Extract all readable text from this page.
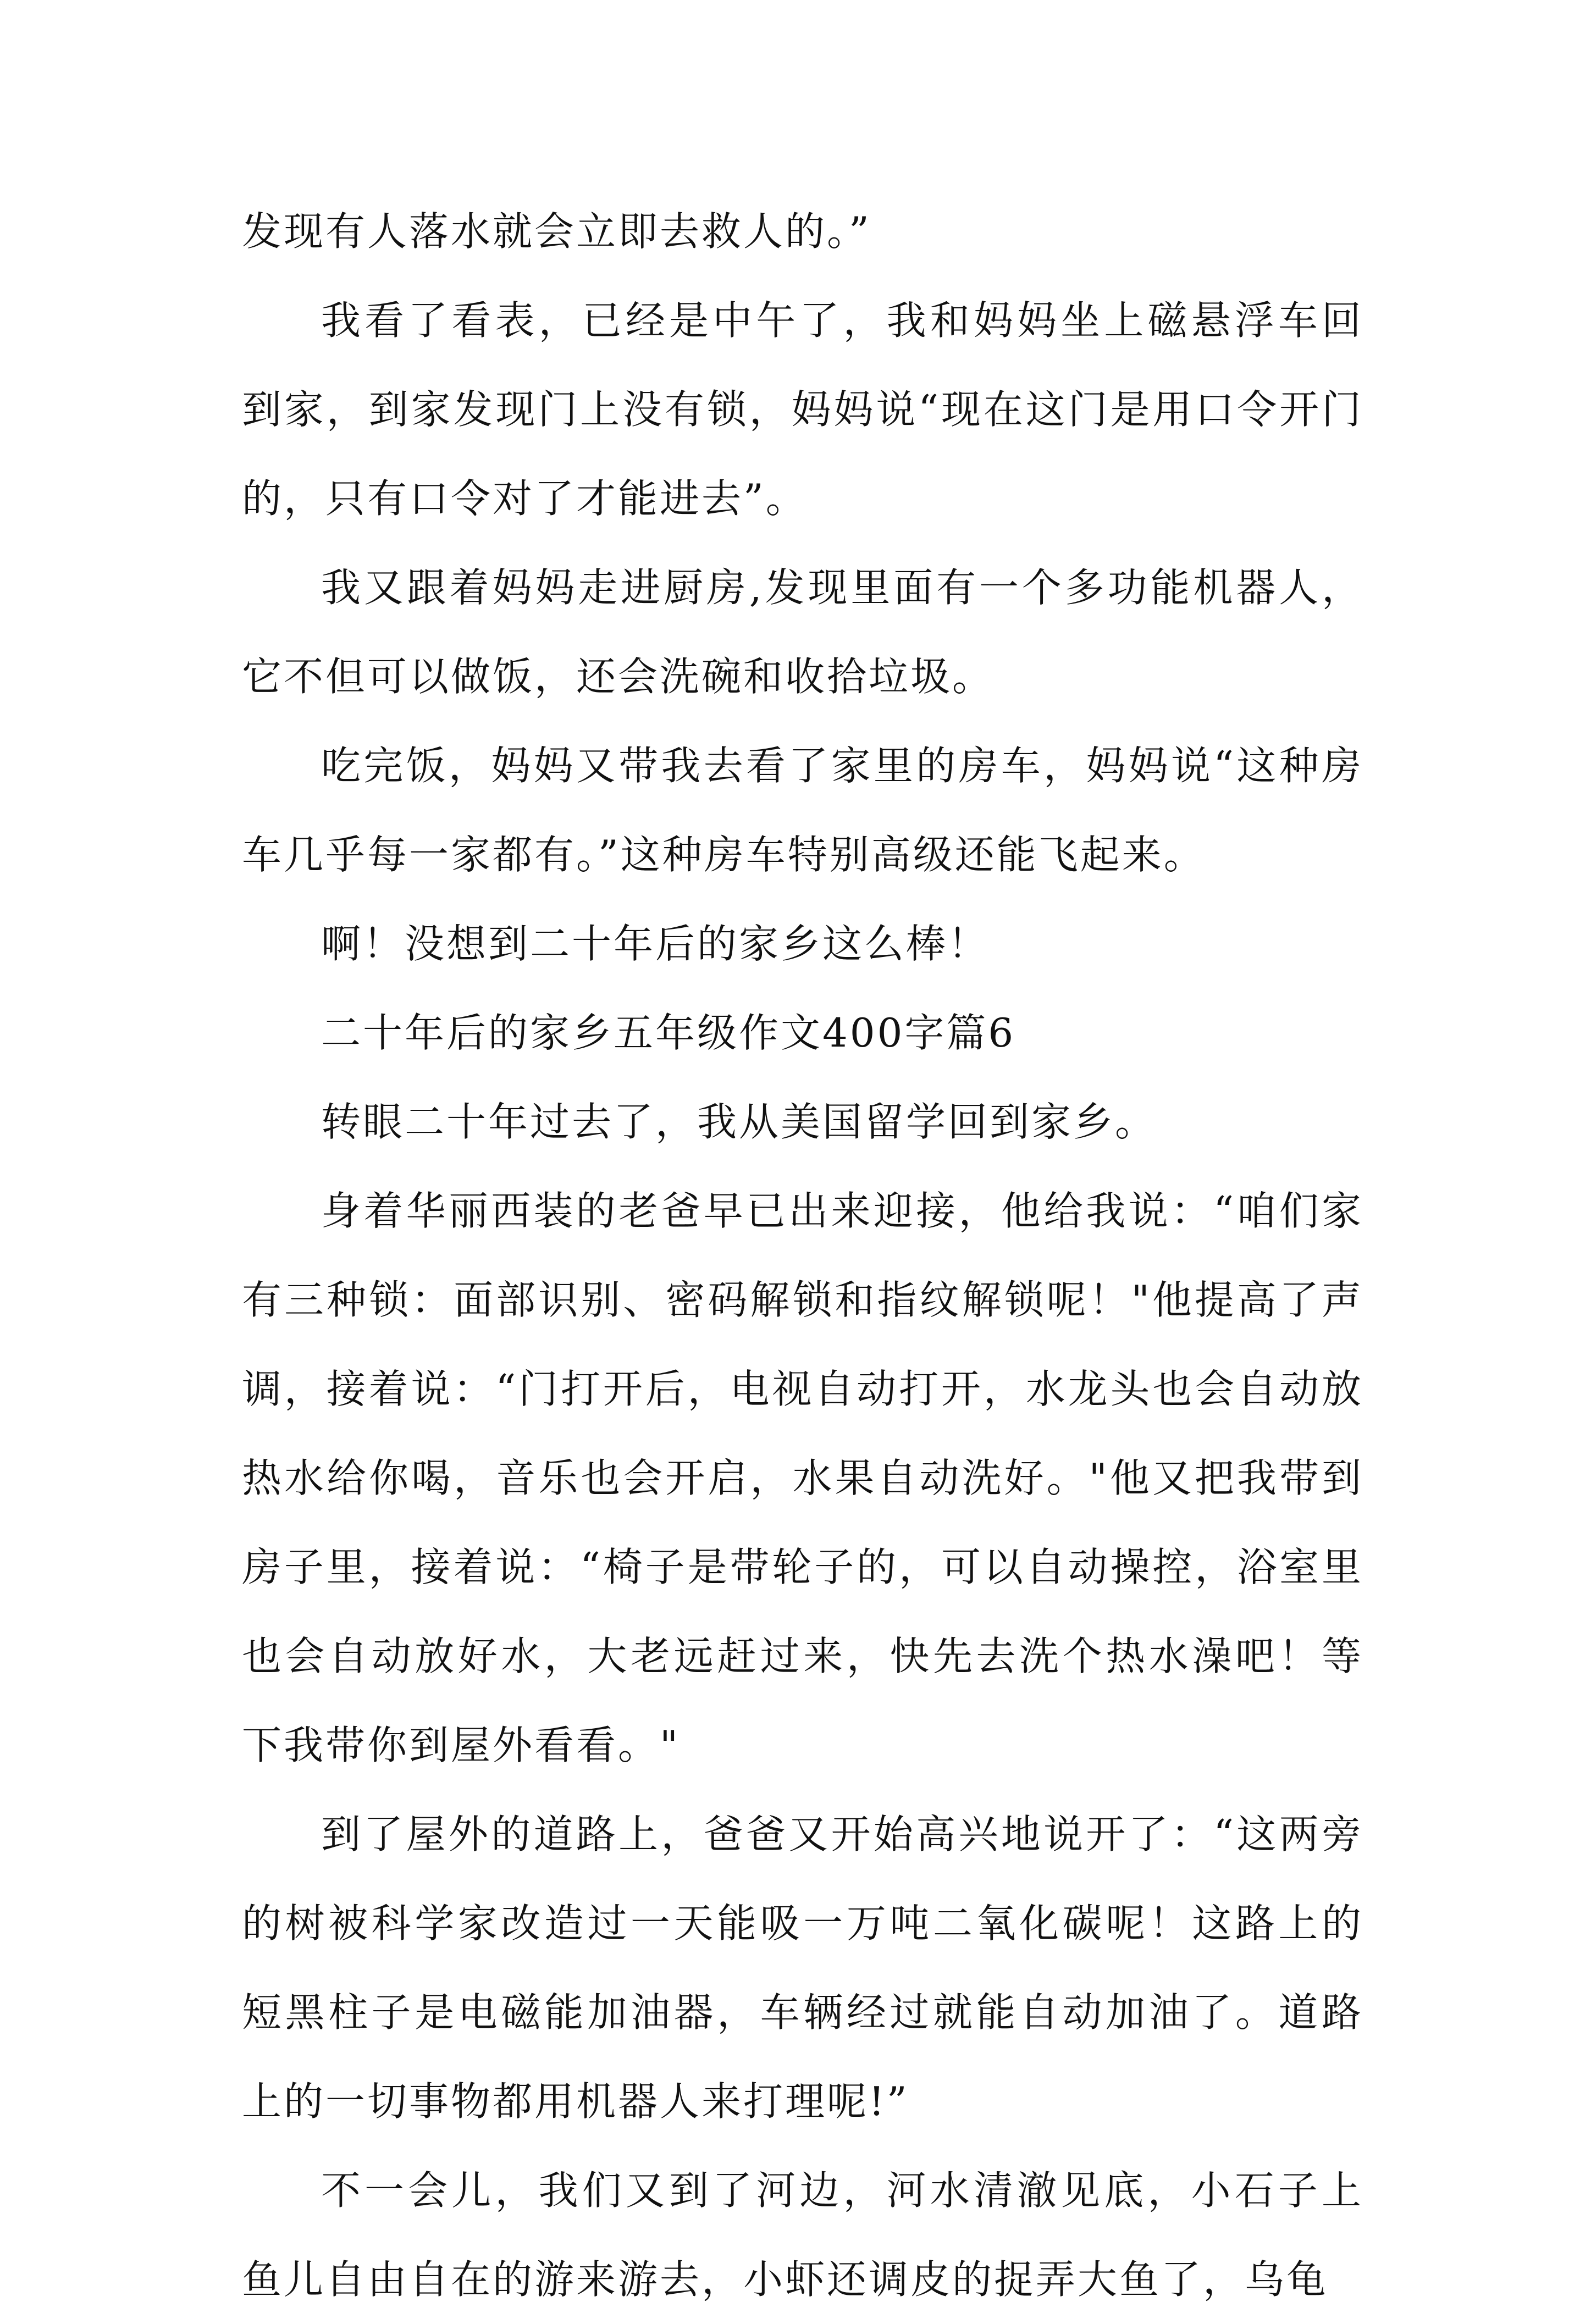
发现有人落水就会立即去救人的。”

我看了看表，已经是中午了，我和妈妈坐上磁悬浮车回到家，到家发现门上没有锁，妈妈说“现在这门是用口令开门的，只有口令对了才能进去”。

我又跟着妈妈走进厨房,发现里面有一个多功能机器人，它不但可以做饭，还会洗碗和收拾垃圾。

吃完饭，妈妈又带我去看了家里的房车，妈妈说“这种房车几乎每一家都有。”这种房车特别高级还能飞起来。

啊！没想到二十年后的家乡这么棒！

二十年后的家乡五年级作文400字篇6

转眼二十年过去了，我从美国留学回到家乡。

身着华丽西装的老爸早已出来迎接，他给我说：“咱们家有三种锁：面部识别、密码解锁和指纹解锁呢！"他提高了声调，接着说：“门打开后，电视自动打开，水龙头也会自动放热水给你喝，音乐也会开启，水果自动洗好。"他又把我带到房子里，接着说：“椅子是带轮子的，可以自动操控，浴室里也会自动放好水，大老远赶过来，快先去洗个热水澡吧！等下我带你到屋外看看。"

到了屋外的道路上，爸爸又开始高兴地说开了：“这两旁的树被科学家改造过一天能吸一万吨二氧化碳呢！这路上的短黑柱子是电磁能加油器，车辆经过就能自动加油了。道路上的一切事物都用机器人来打理呢!”

不一会儿，我们又到了河边，河水清澈见底，小石子上鱼儿自由自在的游来游去，小虾还调皮的捉弄大鱼了，乌龟
